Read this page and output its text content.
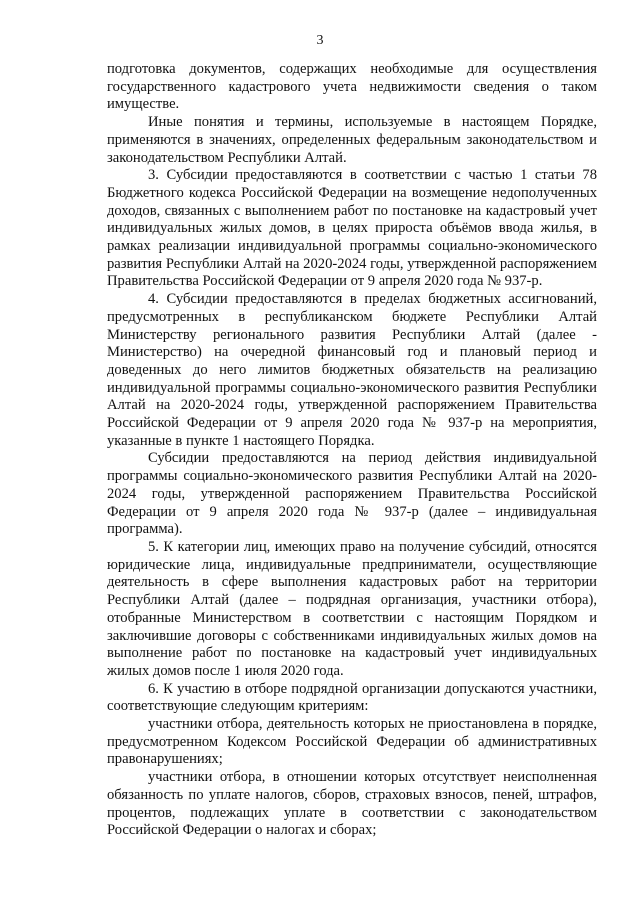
3

подготовка документов, содержащих необходимые для осуществления государственного кадастрового учета недвижимости сведения о таком имуществе.

Иные понятия и термины, используемые в настоящем Порядке, применяются в значениях, определенных федеральным законодательством и законодательством Республики Алтай.

3. Субсидии предоставляются в соответствии с частью 1 статьи 78 Бюджетного кодекса Российской Федерации на возмещение недополученных доходов, связанных с выполнением работ по постановке на кадастровый учет индивидуальных жилых домов, в целях прироста объёмов ввода жилья, в рамках реализации индивидуальной программы социально-экономического развития Республики Алтай на 2020-2024 годы, утвержденной распоряжением Правительства Российской Федерации от 9 апреля 2020 года № 937-р.

4. Субсидии предоставляются в пределах бюджетных ассигнований, предусмотренных в республиканском бюджете Республики Алтай Министерству регионального развития Республики Алтай (далее - Министерство) на очередной финансовый год и плановый период и доведенных до него лимитов бюджетных обязательств на реализацию индивидуальной программы социально-экономического развития Республики Алтай на 2020-2024 годы, утвержденной распоряжением Правительства Российской Федерации от 9 апреля 2020 года № 937-р на мероприятия, указанные в пункте 1 настоящего Порядка.

Субсидии предоставляются на период действия индивидуальной программы социально-экономического развития Республики Алтай на 2020-2024 годы, утвержденной распоряжением Правительства Российской Федерации от 9 апреля 2020 года № 937-р (далее – индивидуальная программа).

5. К категории лиц, имеющих право на получение субсидий, относятся юридические лица, индивидуальные предприниматели, осуществляющие деятельность в сфере выполнения кадастровых работ на территории Республики Алтай (далее – подрядная организация, участники отбора), отобранные Министерством в соответствии с настоящим Порядком и заключившие договоры с собственниками индивидуальных жилых домов на выполнение работ по постановке на кадастровый учет индивидуальных жилых домов после 1 июля 2020 года.

6. К участию в отборе подрядной организации допускаются участники, соответствующие следующим критериям:

участники отбора, деятельность которых не приостановлена в порядке, предусмотренном Кодексом Российской Федерации об административных правонарушениях;

участники отбора, в отношении которых отсутствует неисполненная обязанность по уплате налогов, сборов, страховых взносов, пеней, штрафов, процентов, подлежащих уплате в соответствии с законодательством Российской Федерации о налогах и сборах;
